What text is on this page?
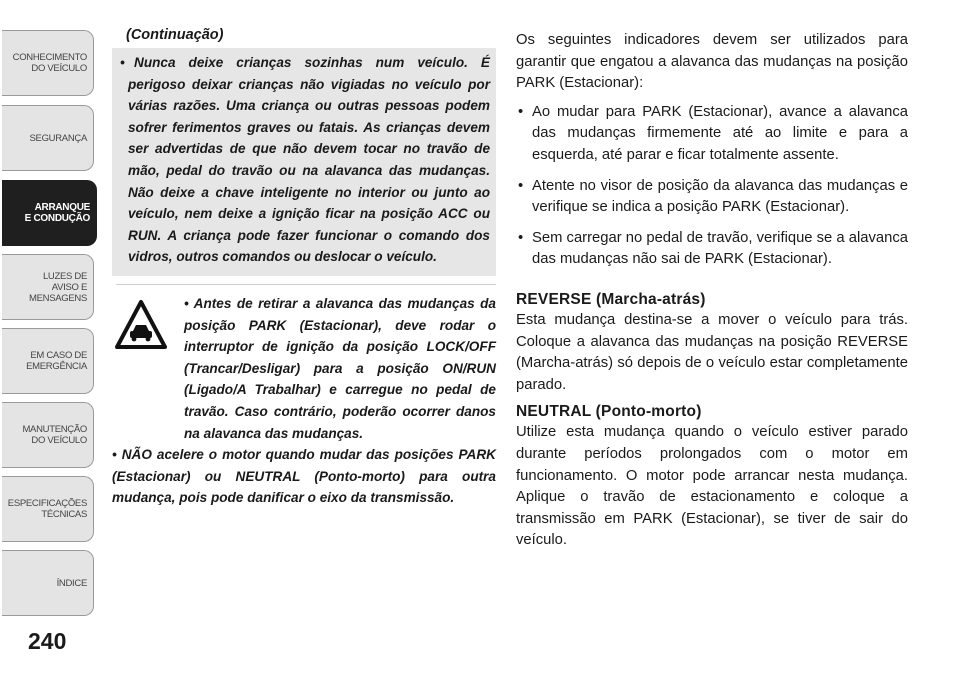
CONHECIMENTO
DO VEÍCULO
SEGURANÇA
ARRANQUE
E CONDUÇÃO
LUZES DE
AVISO E
MENSAGENS
EM CASO DE
EMERGÊNCIA
MANUTENÇÃO
DO VEÍCULO
ESPECIFICAÇÕES
TÉCNICAS
ÍNDICE
240
(Continuação)
• Nunca deixe crianças sozinhas num veículo. É perigoso deixar crianças não vigiadas no veículo por várias razões. Uma criança ou outras pessoas podem sofrer ferimentos graves ou fatais. As crianças devem ser advertidas de que não devem tocar no travão de mão, pedal do travão ou na alavanca das mudanças. Não deixe a chave inteligente no interior ou junto ao veículo, nem deixe a ignição ficar na posição ACC ou RUN. A criança pode fazer funcionar o comando dos vidros, outros comandos ou deslocar o veículo.
• Antes de retirar a alavanca das mudanças da posição PARK (Estacionar), deve rodar o interruptor de ignição da posição LOCK/OFF (Trancar/Desligar) para a posição ON/RUN (Ligado/A Trabalhar) e carregue no pedal de travão. Caso contrário, poderão ocorrer danos na alavanca das mudanças.
• NÃO acelere o motor quando mudar das posições PARK (Estacionar) ou NEUTRAL (Ponto-morto) para outra mudança, pois pode danificar o eixo da transmissão.

Os seguintes indicadores devem ser utilizados para garantir que engatou a alavanca das mudanças na posição PARK (Estacionar):

• Ao mudar para PARK (Estacionar), avance a alavanca das mudanças firmemente até ao limite e para a esquerda, até parar e ficar totalmente assente.
• Atente no visor de posição da alavanca das mudanças e verifique se indica a posição PARK (Estacionar).
• Sem carregar no pedal de travão, verifique se a alavanca das mudanças não sai de PARK (Estacionar).

REVERSE (Marcha-atrás)

Esta mudança destina-se a mover o veículo para trás. Coloque a alavanca das mudanças na posição REVERSE (Marcha-atrás) só depois de o veículo estar completamente parado.

NEUTRAL (Ponto-morto)

Utilize esta mudança quando o veículo estiver parado durante períodos prolongados com o motor em funcionamento. O motor pode arrancar nesta mudança. Aplique o travão de estacionamento e coloque a transmissão em PARK (Estacionar), se tiver de sair do veículo.
